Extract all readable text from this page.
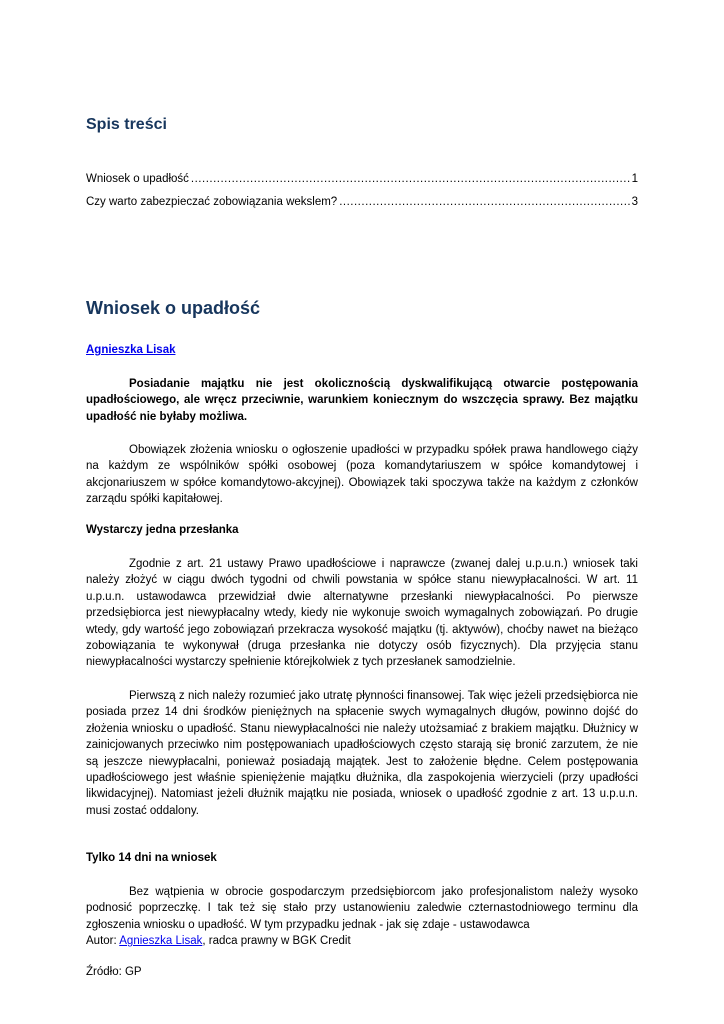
Spis treści
Wniosek o upadłość .....	1
Czy warto zabezpieczać zobowiązania wekslem? .....	3
Wniosek o upadłość
Agnieszka Lisak

Posiadanie majątku nie jest okolicznością dyskwalifikującą otwarcie postępowania upadłościowego, ale wręcz przeciwnie, warunkiem koniecznym do wszczęcia sprawy. Bez majątku upadłość nie byłaby możliwa.

Obowiązek złożenia wniosku o ogłoszenie upadłości w przypadku spółek prawa handlowego ciąży na każdym ze wspólników spółki osobowej (poza komandytariuszem w spółce komandytowej i akcjonariuszem w spółce komandytowo-akcyjnej). Obowiązek taki spoczywa także na każdym z członków zarządu spółki kapitałowej.

Wystarczy jedna przesłanka

Zgodnie z art. 21 ustawy Prawo upadłościowe i naprawcze (zwanej dalej u.p.u.n.) wniosek taki należy złożyć w ciągu dwóch tygodni od chwili powstania w spółce stanu niewypłacalności. W art. 11 u.p.u.n. ustawodawca przewidział dwie alternatywne przesłanki niewypłacalności. Po pierwsze przedsiębiorca jest niewypłacalny wtedy, kiedy nie wykonuje swoich wymagalnych zobowiązań. Po drugie wtedy, gdy wartość jego zobowiązań przekracza wysokość majątku (tj. aktywów), choćby nawet na bieżąco zobowiązania te wykonywał (druga przesłanka nie dotyczy osób fizycznych). Dla przyjęcia stanu niewypłacalności wystarczy spełnienie którejkolwiek z tych przesłanek samodzielnie.

Pierwszą z nich należy rozumieć jako utratę płynności finansowej. Tak więc jeżeli przedsiębiorca nie posiada przez 14 dni środków pieniężnych na spłacenie swych wymagalnych długów, powinno dojść do złożenia wniosku o upadłość. Stanu niewypłacalności nie należy utożsamiać z brakiem majątku. Dłużnicy w zainicjowanych przeciwko nim postępowaniach upadłościowych często starają się bronić zarzutem, że nie są jeszcze niewypłacalni, ponieważ posiadają majątek. Jest to założenie błędne. Celem postępowania upadłościowego jest właśnie spieniężenie majątku dłużnika, dla zaspokojenia wierzycieli (przy upadłości likwidacyjnej). Natomiast jeżeli dłużnik majątku nie posiada, wniosek o upadłość zgodnie z art. 13 u.p.u.n. musi zostać oddalony.

Tylko 14 dni na wniosek

Bez wątpienia w obrocie gospodarczym przedsiębiorcom jako profesjonalistom należy wysoko podnosić poprzeczkę. I tak też się stało przy ustanowieniu zaledwie czternastodniowego terminu dla zgłoszenia wniosku o upadłość. W tym przypadku jednak - jak się zdaje - ustawodawca
Autor: Agnieszka Lisak, radca prawny w BGK Credit
Źródło: GP
